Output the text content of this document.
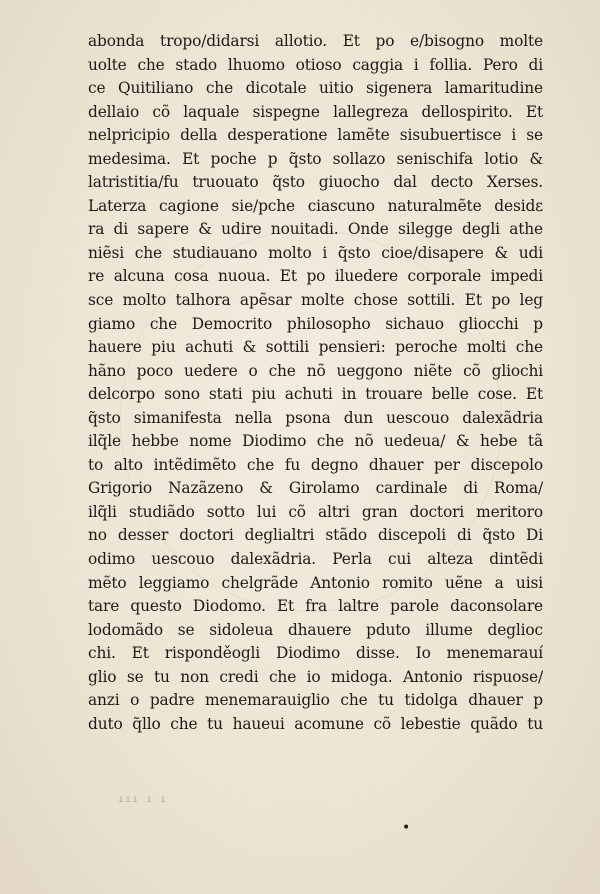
abonda tropo/didarsi allotio. Et po e/bisogno molte
uolte che stado lhuomo otioso caggia i follia. Pero di
ce Quitiliano che dicotale uitio sigenera lamaritudine
dellaio cõ laquale sispegne lallegreza dellospirito. Et
nelpricipio della desperatione lamẽte sisubuertisce i se
medesima. Et poche p q̃sto sollazo senischifa lotio &
latristitia/fu truouato q̃sto giuocho dal decto Xerses.
Laterza cagione sie/pche ciascuno naturalmẽte desidε
ra di sapere & udire nouitadi. Onde silegge degli athe
niẽsi che studiauano molto i q̃sto cioe/disapere & udi
re alcuna cosa nuoua. Et po iluedere corporale impedi
sce molto talhora apẽsar molte chose sottili. Et po leg
giamo che Democrito philosopho sichauo gliocchi p
hauere piu achuti & sottili pensieri: peroche molti che
hãno poco uedere o che nõ ueggono niẽte cõ gliochi
delcorpo sono stati piu achuti in trouare belle cose. Et
q̃sto simanifesta nella psona dun uescouo dalexãdria
ilq̃le hebbe nome Diodimo che nõ uedeua/ & hebe tã
to alto intẽdimẽto che fu degno dhauer per discepolo
Grigorio Nazãzeno & Girolamo cardinale di Roma/
ilq̃li studiãdo sotto lui cõ altri gran doctori meritoro
no desser doctori deglialtri stãdo discepoli di q̃sto Di
odimo uescouo dalexãdria. Perla cui alteza dintẽdi
mẽto leggiamo chelgrãde Antonio romito uẽne a uisi
tare questo Diodomo. Et fra laltre parole daconsolare
lodomãdo se sidoleua dhauere pduto illume deglioc
chi. Et risponděogli Diodimo disse. Io menemarauí
glio se tu non credi che io midoga. Antonio rispuose/
anzi o padre menemarauiglio che tu tidolga dhauer p
duto q̃llo che tu haueui acomune cõ lebestie quãdo tu
ııı ı ı
•
